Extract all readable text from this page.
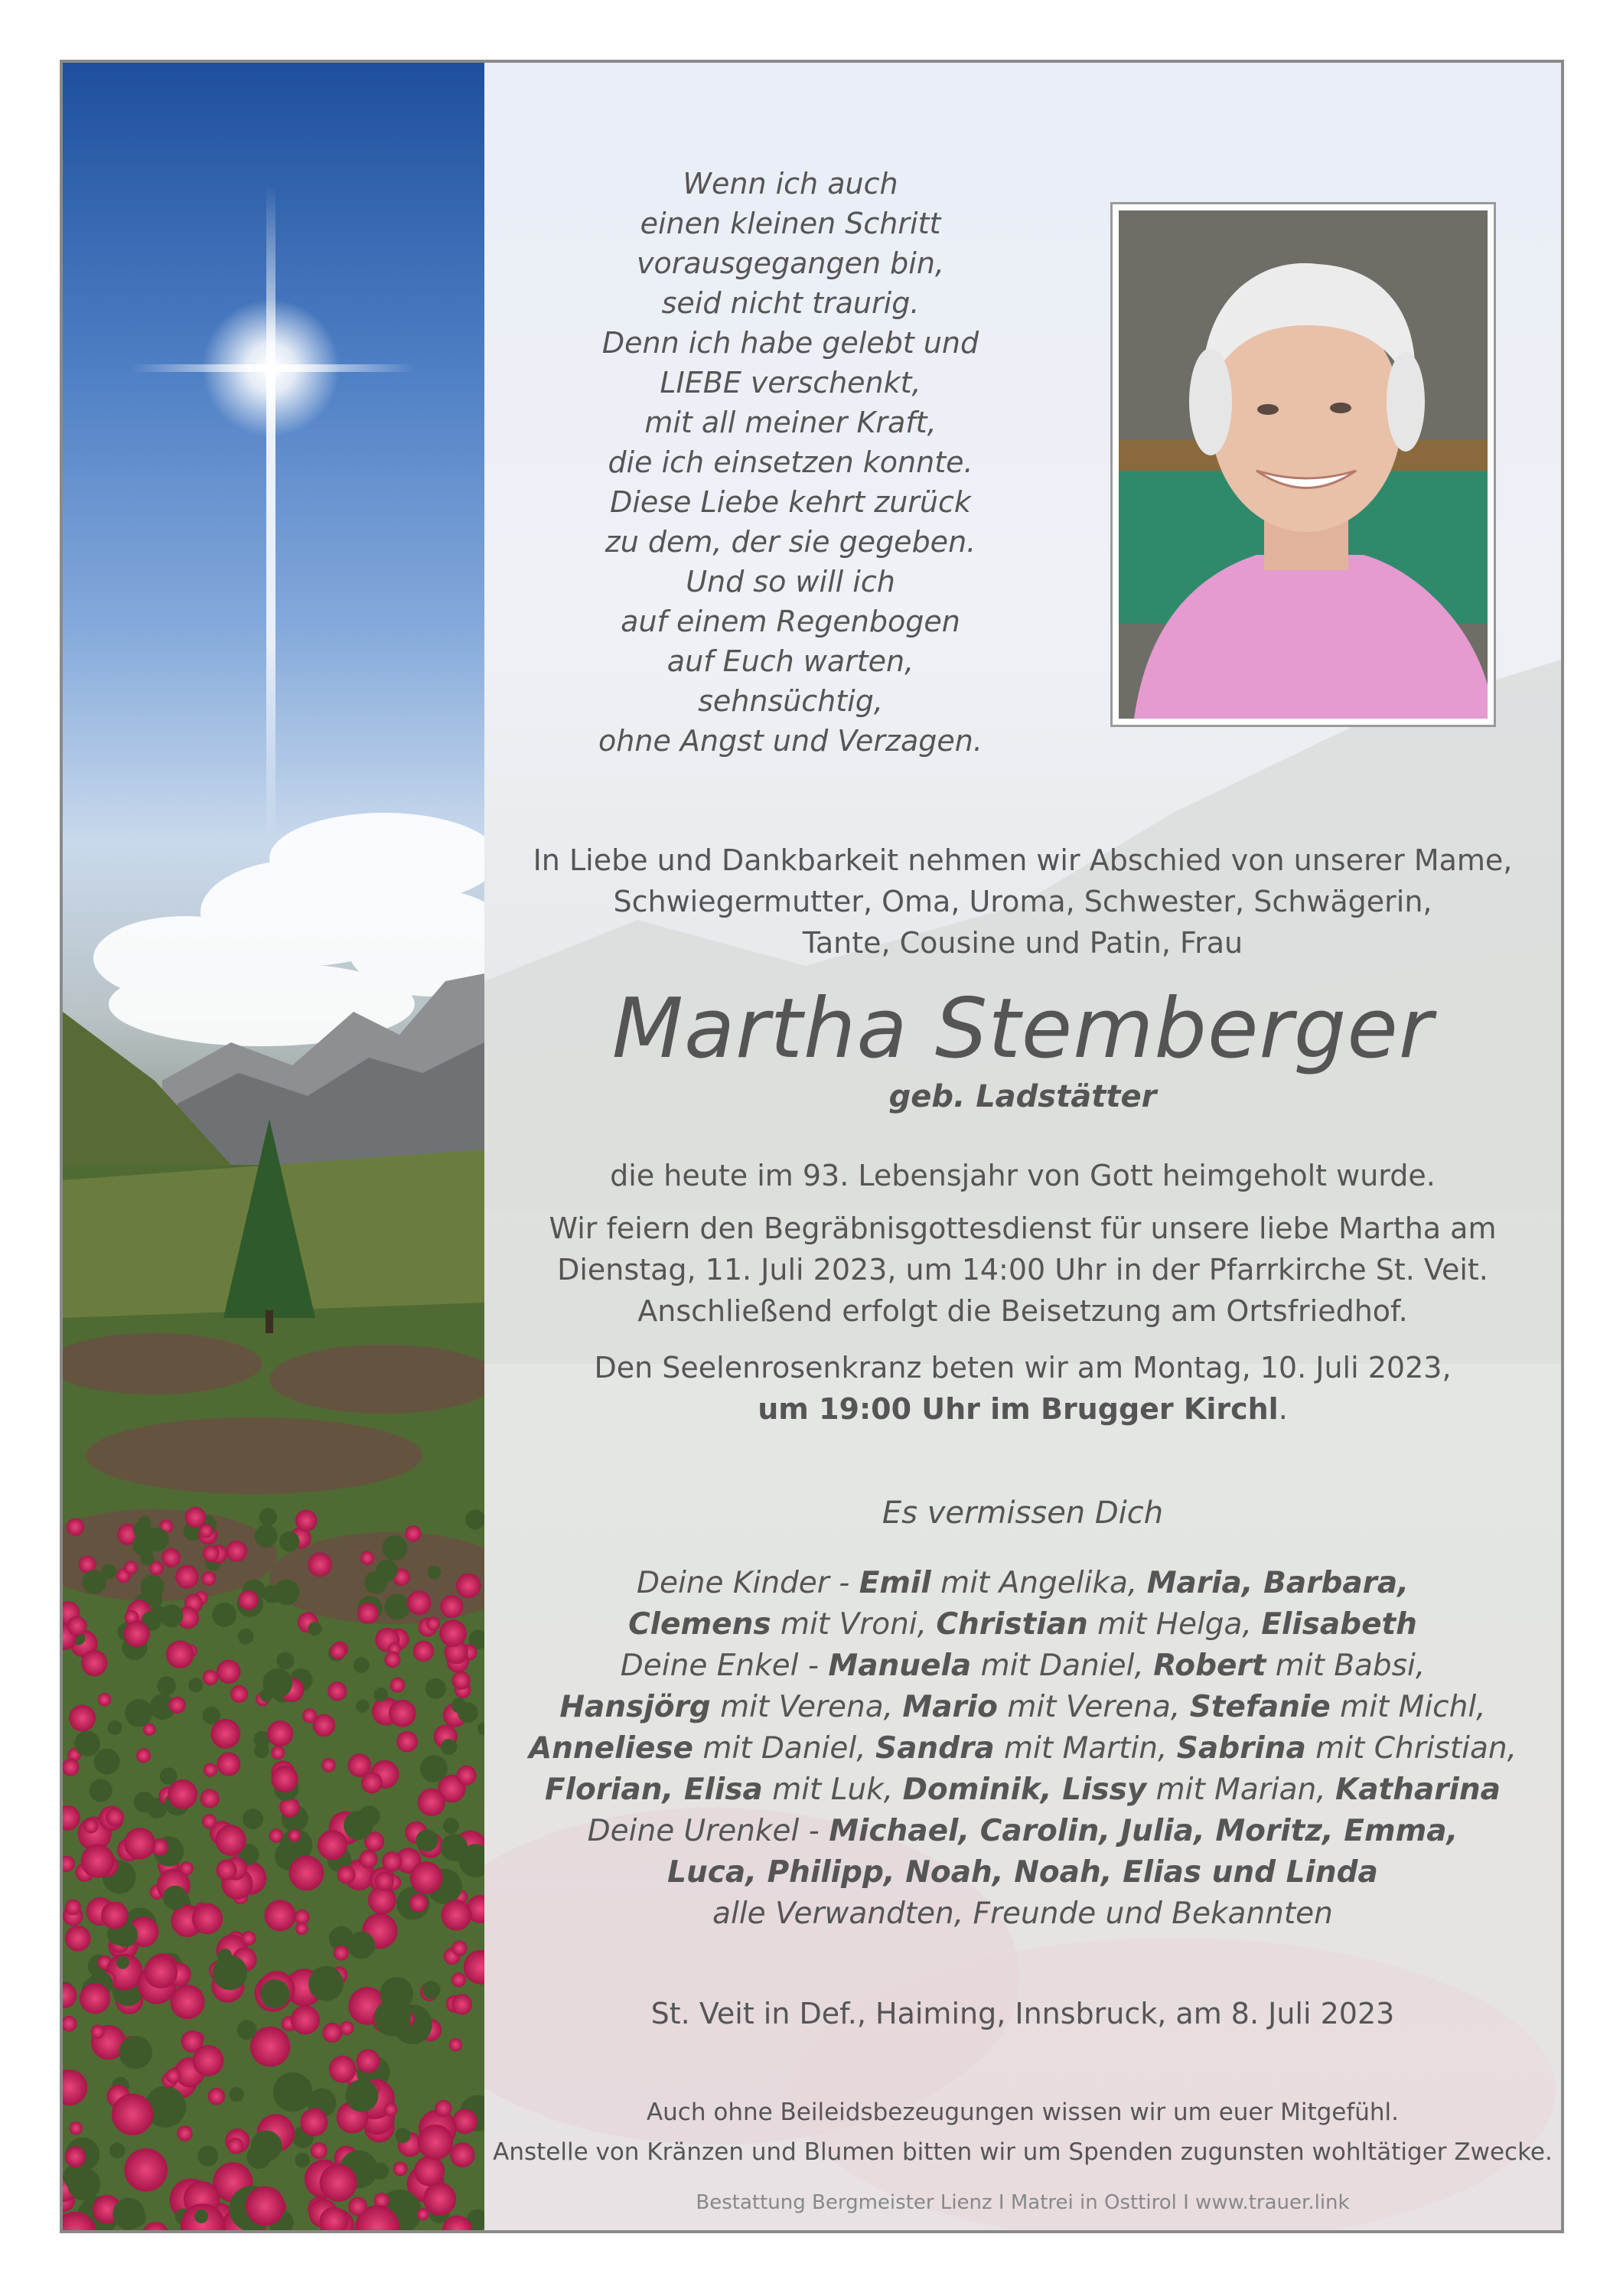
Wenn ich auch
einen kleinen Schritt
vorausgegangen bin,
seid nicht traurig.
Denn ich habe gelebt und
LIEBE verschenkt,
mit all meiner Kraft,
die ich einsetzen konnte.
Diese Liebe kehrt zurück
zu dem, der sie gegeben.
Und so will ich
auf einem Regenbogen
auf Euch warten,
sehnsüchtig,
ohne Angst und Verzagen.
In Liebe und Dankbarkeit nehmen wir Abschied von unserer Mame,
Schwiegermutter, Oma, Uroma, Schwester, Schwägerin,
Tante, Cousine und Patin, Frau
Martha Stemberger
geb. Ladstätter
die heute im 93. Lebensjahr von Gott heimgeholt wurde.
Wir feiern den Begräbnisgottesdienst für unsere liebe Martha am
Dienstag, 11. Juli 2023, um 14:00 Uhr in der Pfarrkirche St. Veit.
Anschließend erfolgt die Beisetzung am Ortsfriedhof.
Den Seelenrosenkranz beten wir am Montag, 10. Juli 2023,
um 19:00 Uhr im Brugger Kirchl.
Es vermissen Dich
Deine Kinder - Emil mit Angelika, Maria, Barbara,
Clemens mit Vroni, Christian mit Helga, Elisabeth
Deine Enkel - Manuela mit Daniel, Robert mit Babsi,
Hansjörg mit Verena, Mario mit Verena, Stefanie mit Michl,
Anneliese mit Daniel, Sandra mit Martin, Sabrina mit Christian,
Florian, Elisa mit Luk, Dominik, Lissy mit Marian, Katharina
Deine Urenkel - Michael, Carolin, Julia, Moritz, Emma,
Luca, Philipp, Noah, Noah, Elias und Linda
alle Verwandten, Freunde und Bekannten
St. Veit in Def., Haiming, Innsbruck, am 8. Juli 2023
Auch ohne Beileidsbezeugungen wissen wir um euer Mitgefühl.
Anstelle von Kränzen und Blumen bitten wir um Spenden zugunsten wohltätiger Zwecke.
Bestattung Bergmeister Lienz I Matrei in Osttirol I www.trauer.link
